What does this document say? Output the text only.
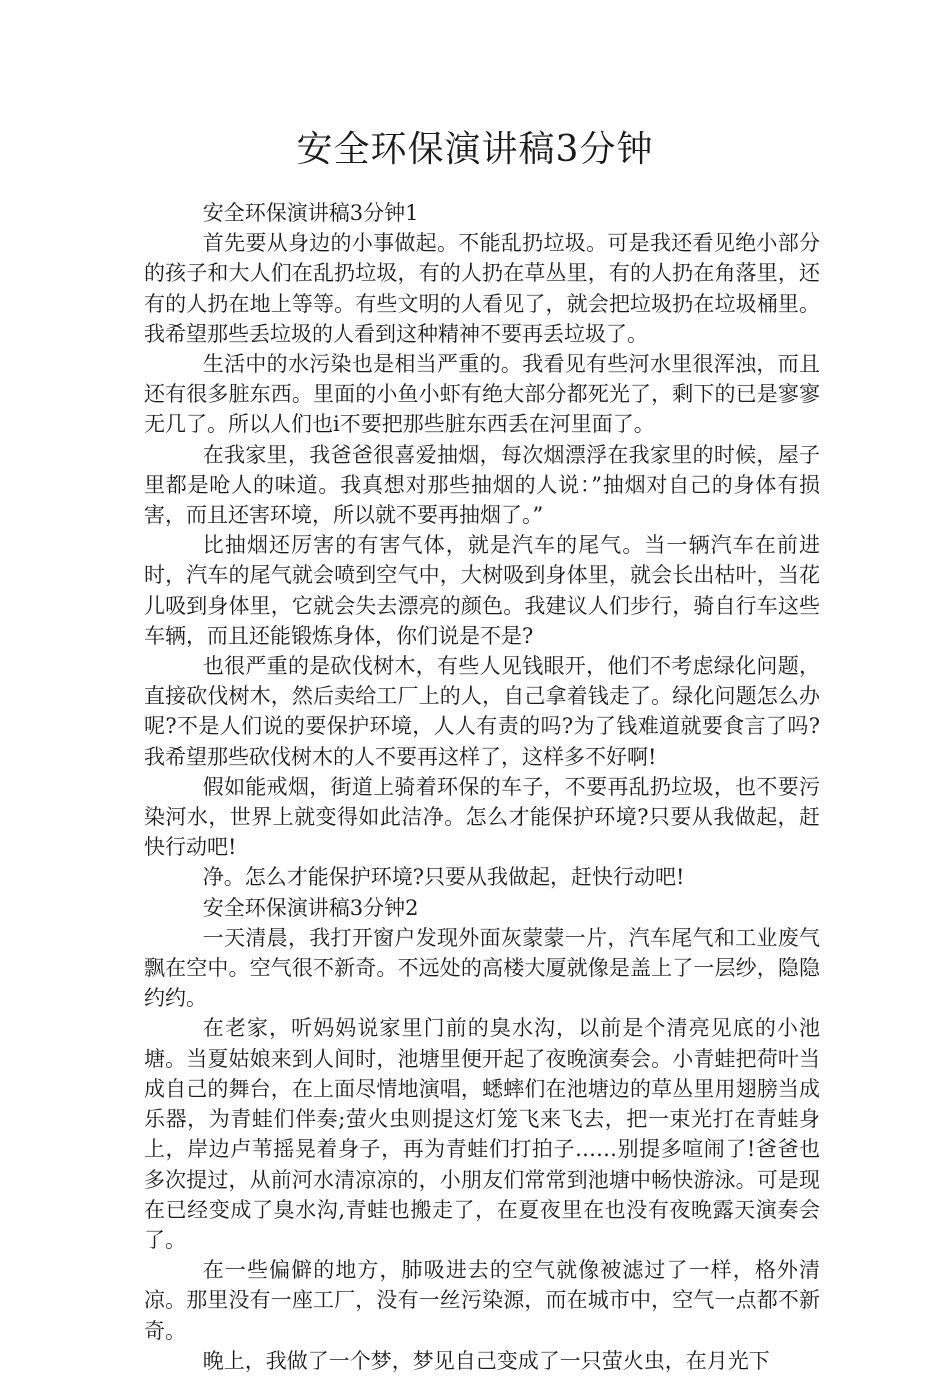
安全环保演讲稿3分钟

安全环保演讲稿3分钟1

首先要从身边的小事做起。不能乱扔垃圾。可是我还看见绝小部分的孩子和大人们在乱扔垃圾，有的人扔在草丛里，有的人扔在角落里，还有的人扔在地上等等。有些文明的人看见了，就会把垃圾扔在垃圾桶里。我希望那些丢垃圾的人看到这种精神不要再丢垃圾了。

生活中的水污染也是相当严重的。我看见有些河水里很浑浊，而且还有很多脏东西。里面的小鱼小虾有绝大部分都死光了，剩下的已是寥寥无几了。所以人们也i不要把那些脏东西丢在河里面了。

在我家里，我爸爸很喜爱抽烟，每次烟漂浮在我家里的时候，屋子里都是呛人的味道。我真想对那些抽烟的人说：”抽烟对自己的身体有损害，而且还害环境，所以就不要再抽烟了。”

比抽烟还厉害的有害气体，就是汽车的尾气。当一辆汽车在前进时，汽车的尾气就会喷到空气中，大树吸到身体里，就会长出枯叶，当花儿吸到身体里，它就会失去漂亮的颜色。我建议人们步行，骑自行车这些车辆，而且还能锻炼身体，你们说是不是?

也很严重的是砍伐树木，有些人见钱眼开，他们不考虑绿化问题，直接砍伐树木，然后卖给工厂上的人，自己拿着钱走了。绿化问题怎么办呢?不是人们说的要保护环境，人人有责的吗?为了钱难道就要食言了吗?我希望那些砍伐树木的人不要再这样了，这样多不好啊!

假如能戒烟，街道上骑着环保的车子，不要再乱扔垃圾，也不要污染河水，世界上就变得如此洁净。怎么才能保护环境?只要从我做起，赶快行动吧!

净。怎么才能保护环境?只要从我做起，赶快行动吧!

安全环保演讲稿3分钟2

一天清晨，我打开窗户发现外面灰蒙蒙一片，汽车尾气和工业废气飘在空中。空气很不新奇。不远处的高楼大厦就像是盖上了一层纱，隐隐约约。

在老家，听妈妈说家里门前的臭水沟，以前是个清亮见底的小池塘。当夏姑娘来到人间时，池塘里便开起了夜晚演奏会。小青蛙把荷叶当成自己的舞台，在上面尽情地演唱，蟋蟀们在池塘边的草丛里用翅膀当成乐器，为青蛙们伴奏;萤火虫则提这灯笼飞来飞去，把一束光打在青蛙身上，岸边卢苇摇晃着身子，再为青蛙们打拍子……别提多喧闹了!爸爸也多次提过，从前河水清凉凉的，小朋友们常常到池塘中畅快游泳。可是现在已经变成了臭水沟,青蛙也搬走了，在夏夜里在也没有夜晚露天演奏会了。

在一些偏僻的地方，肺吸进去的空气就像被滤过了一样，格外清凉。那里没有一座工厂，没有一丝污染源，而在城市中，空气一点都不新奇。

晚上，我做了一个梦，梦见自己变成了一只萤火虫，在月光下
